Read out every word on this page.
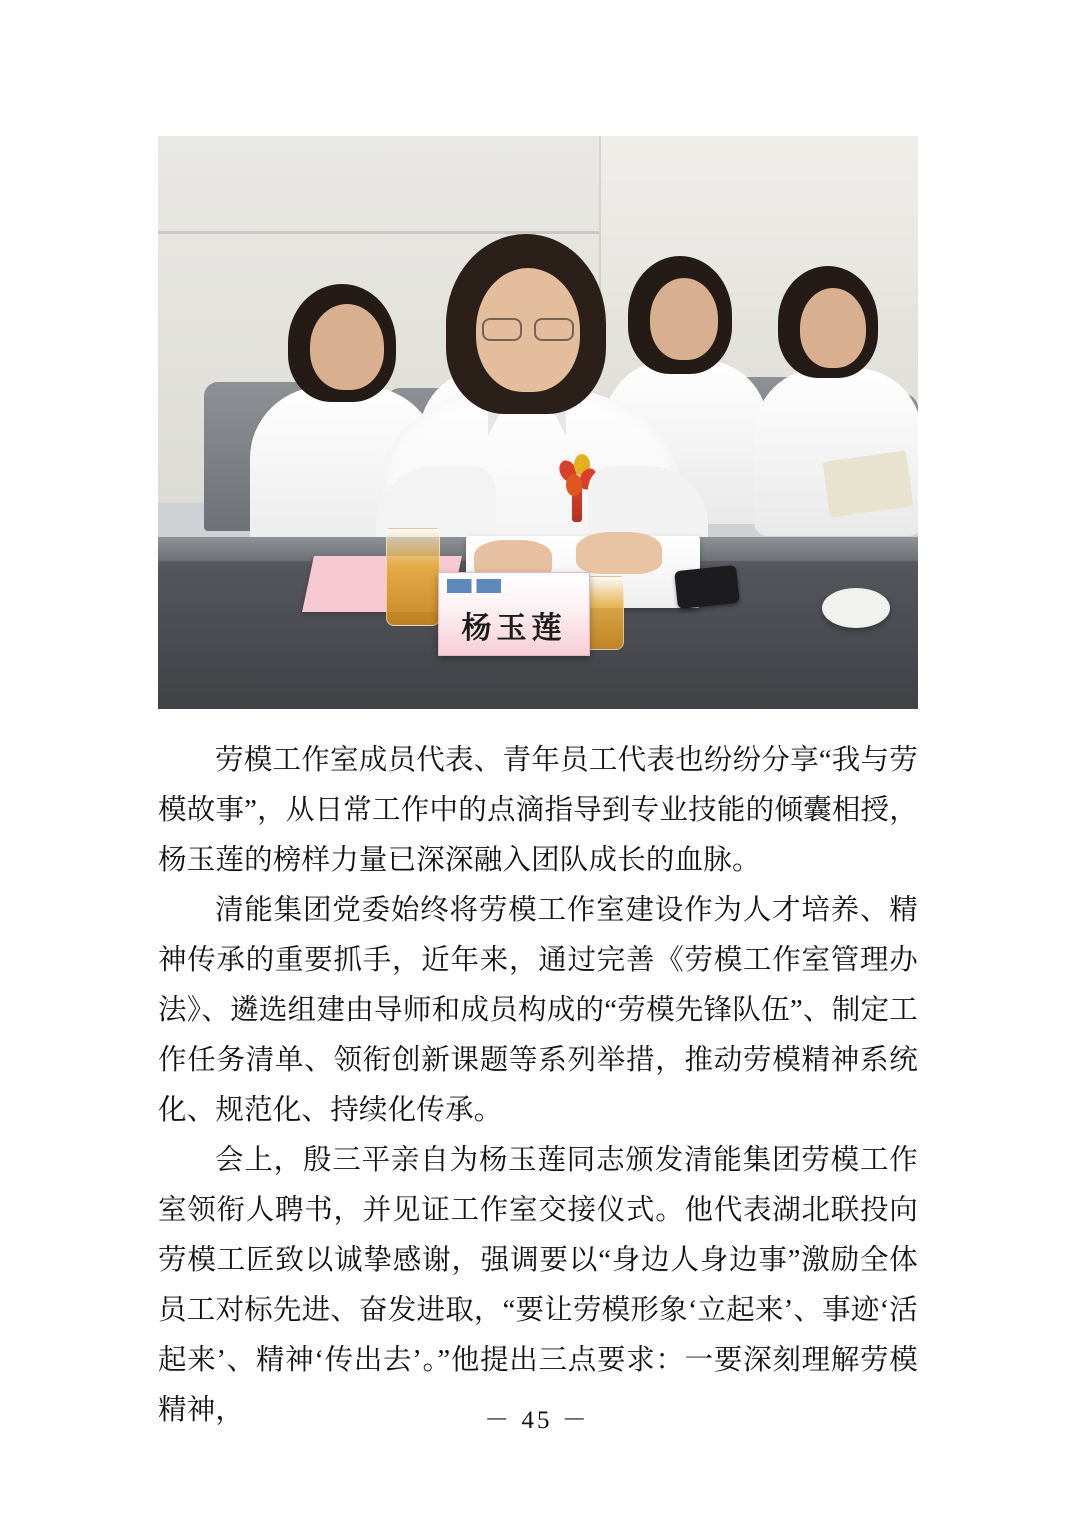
杨玉莲

劳模工作室成员代表、青年员工代表也纷纷分享“我与劳模故事”，从日常工作中的点滴指导到专业技能的倾囊相授，杨玉莲的榜样力量已深深融入团队成长的血脉。

清能集团党委始终将劳模工作室建设作为人才培养、精神传承的重要抓手，近年来，通过完善《劳模工作室管理办法》、遴选组建由导师和成员构成的“劳模先锋队伍”、制定工作任务清单、领衔创新课题等系列举措，推动劳模精神系统化、规范化、持续化传承。

会上，殷三平亲自为杨玉莲同志颁发清能集团劳模工作室领衔人聘书，并见证工作室交接仪式。他代表湖北联投向劳模工匠致以诚挚感谢，强调要以“身边人身边事”激励全体员工对标先进、奋发进取，“要让劳模形象‘立起来’、事迹‘活起来’、精神‘传出去’。”他提出三点要求：一要深刻理解劳模精神，	－ 45 －
